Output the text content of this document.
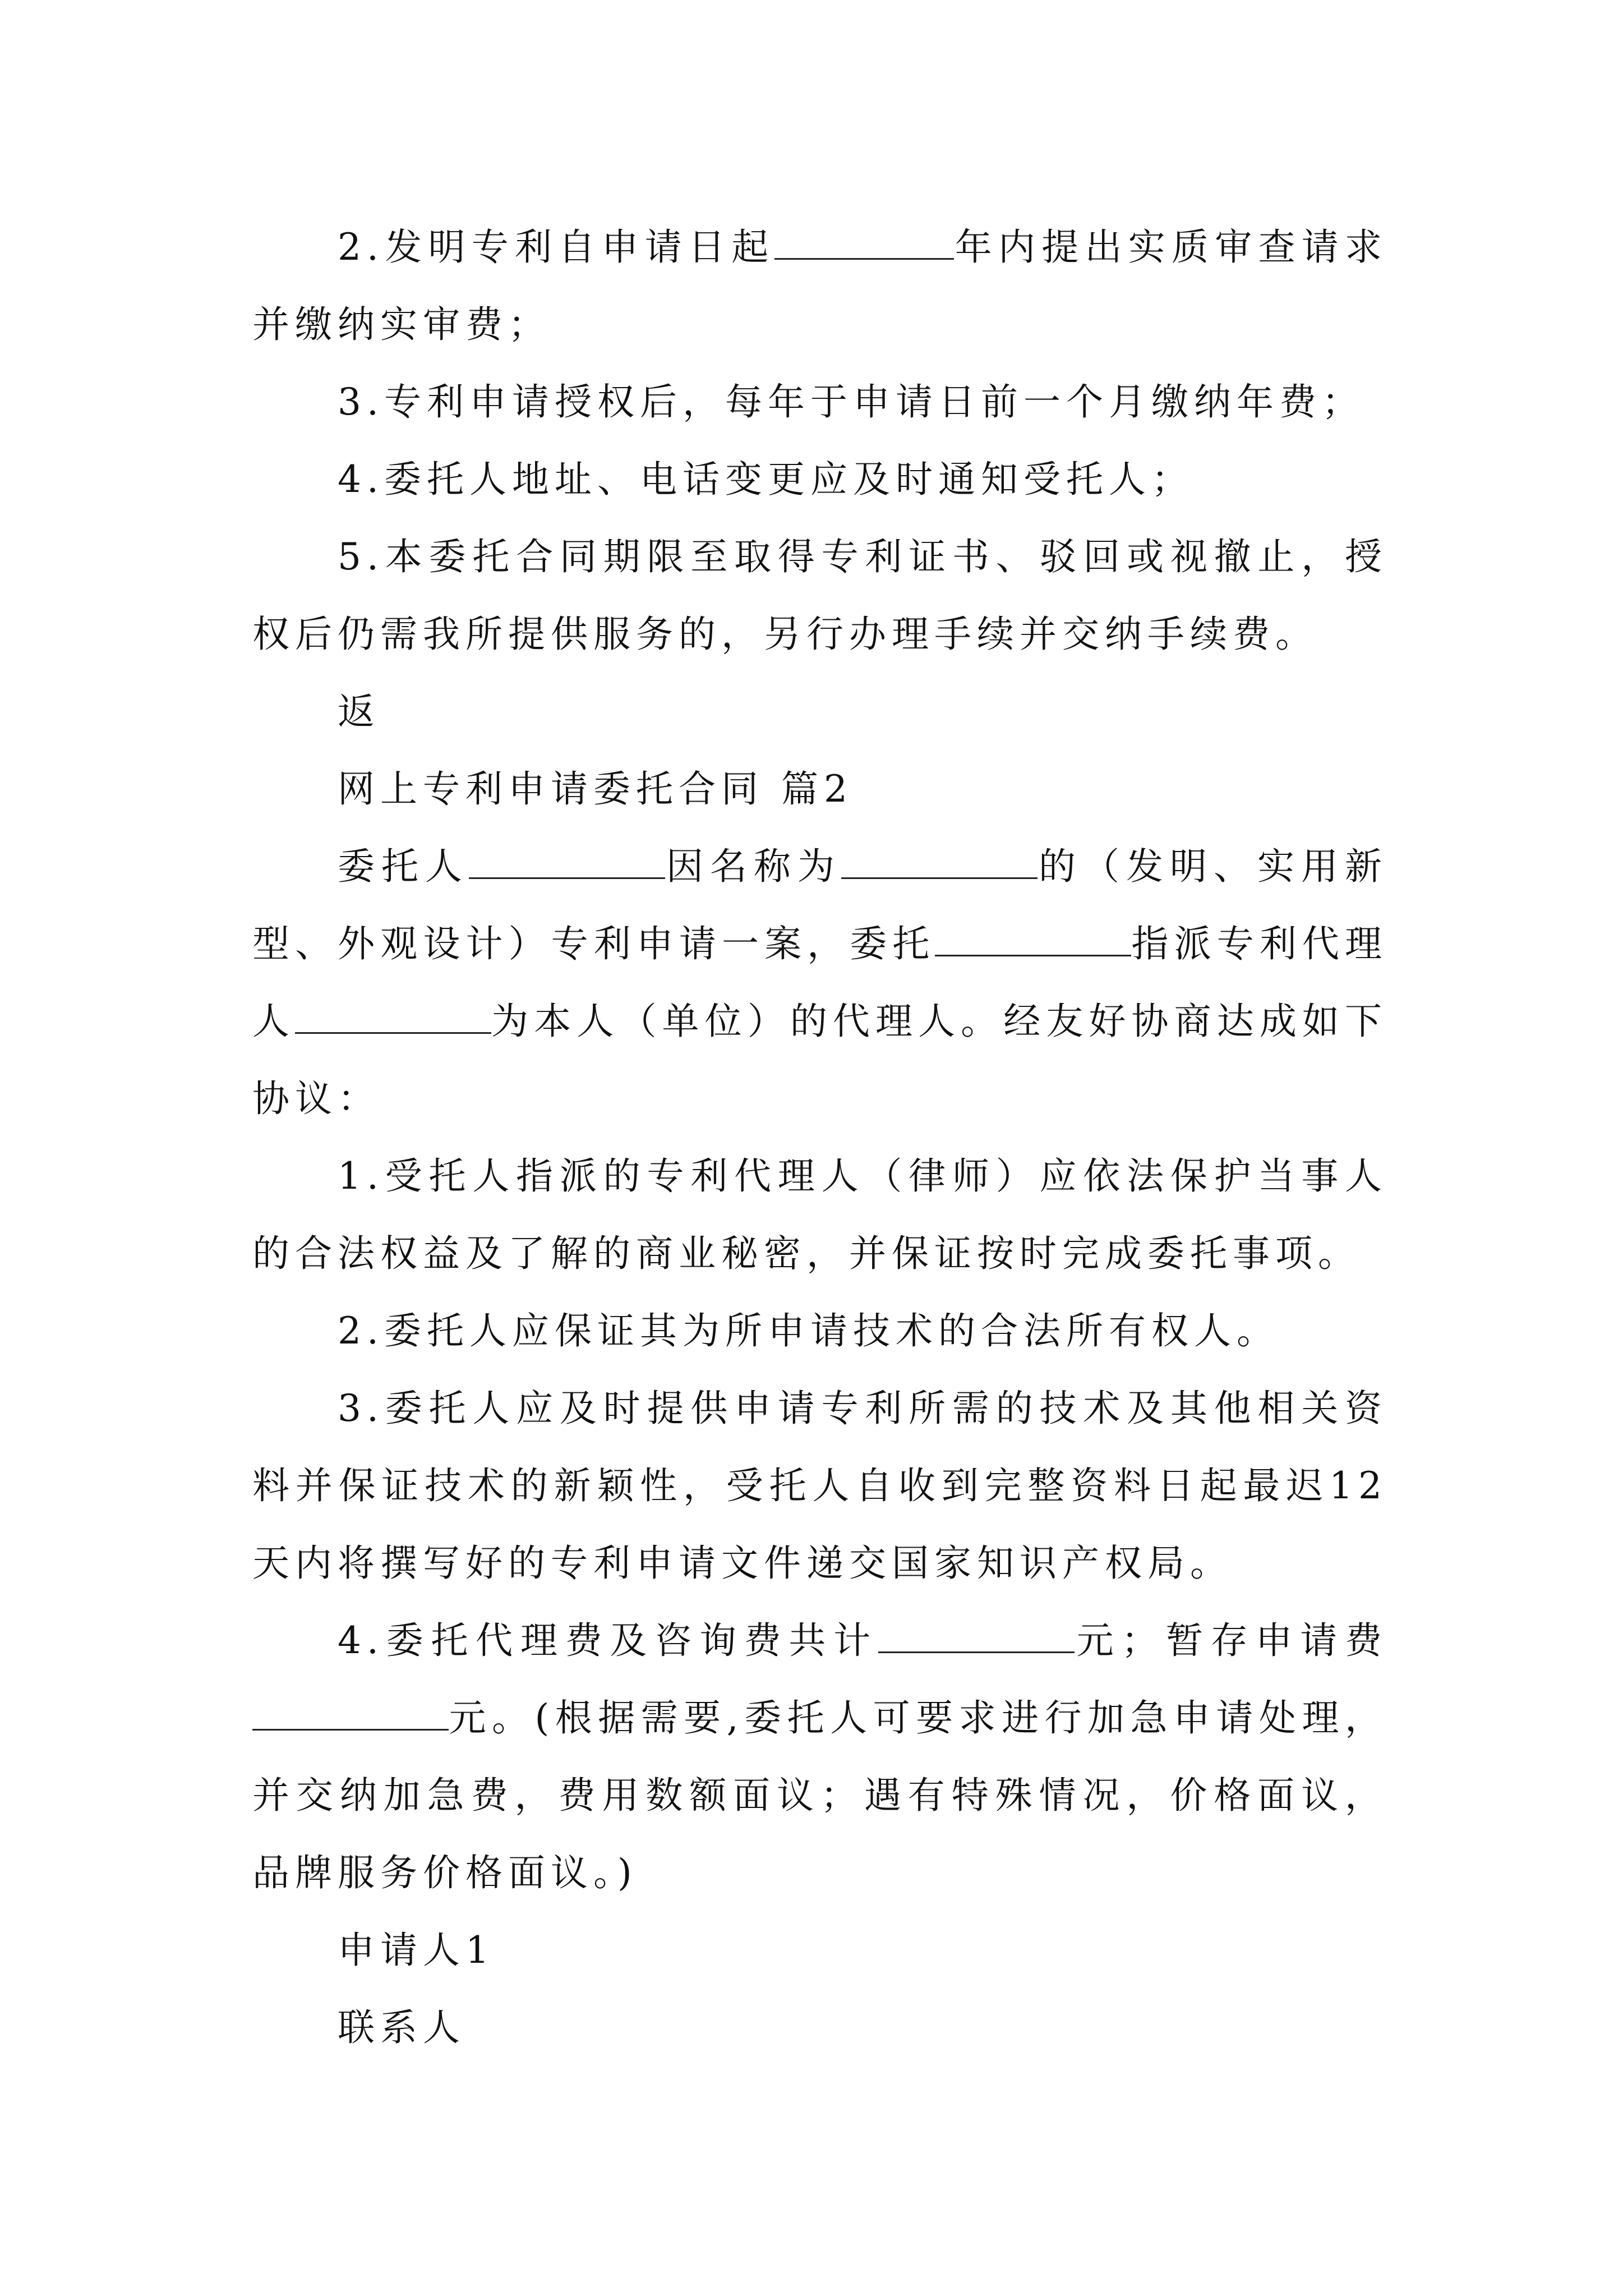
2.发明专利自申请日起	年内提出实质审查请求并缴纳实审费；

3.专利申请授权后，每年于申请日前一个月缴纳年费；

4.委托人地址、电话变更应及时通知受托人；

5.本委托合同期限至取得专利证书、驳回或视撤止，授权后仍需我所提供服务的，另行办理手续并交纳手续费。

返

网上专利申请委托合同 篇2

委托人	因名称为	的（发明、实用新型、外观设计）专利申请一案，委托	指派专利代理人	为本人（单位）的代理人。经友好协商达成如下协议：

1.受托人指派的专利代理人（律师）应依法保护当事人的合法权益及了解的商业秘密，并保证按时完成委托事项。

2.委托人应保证其为所申请技术的合法所有权人。

3.委托人应及时提供申请专利所需的技术及其他相关资料并保证技术的新颖性，受托人自收到完整资料日起最迟12天内将撰写好的专利申请文件递交国家知识产权局。

4.委托代理费及咨询费共计	元；暂存申请费元。(根据需要,委托人可要求进行加急申请处理，并交纳加急费，费用数额面议；遇有特殊情况，价格面议，品牌服务价格面议。)

申请人1

联系人
